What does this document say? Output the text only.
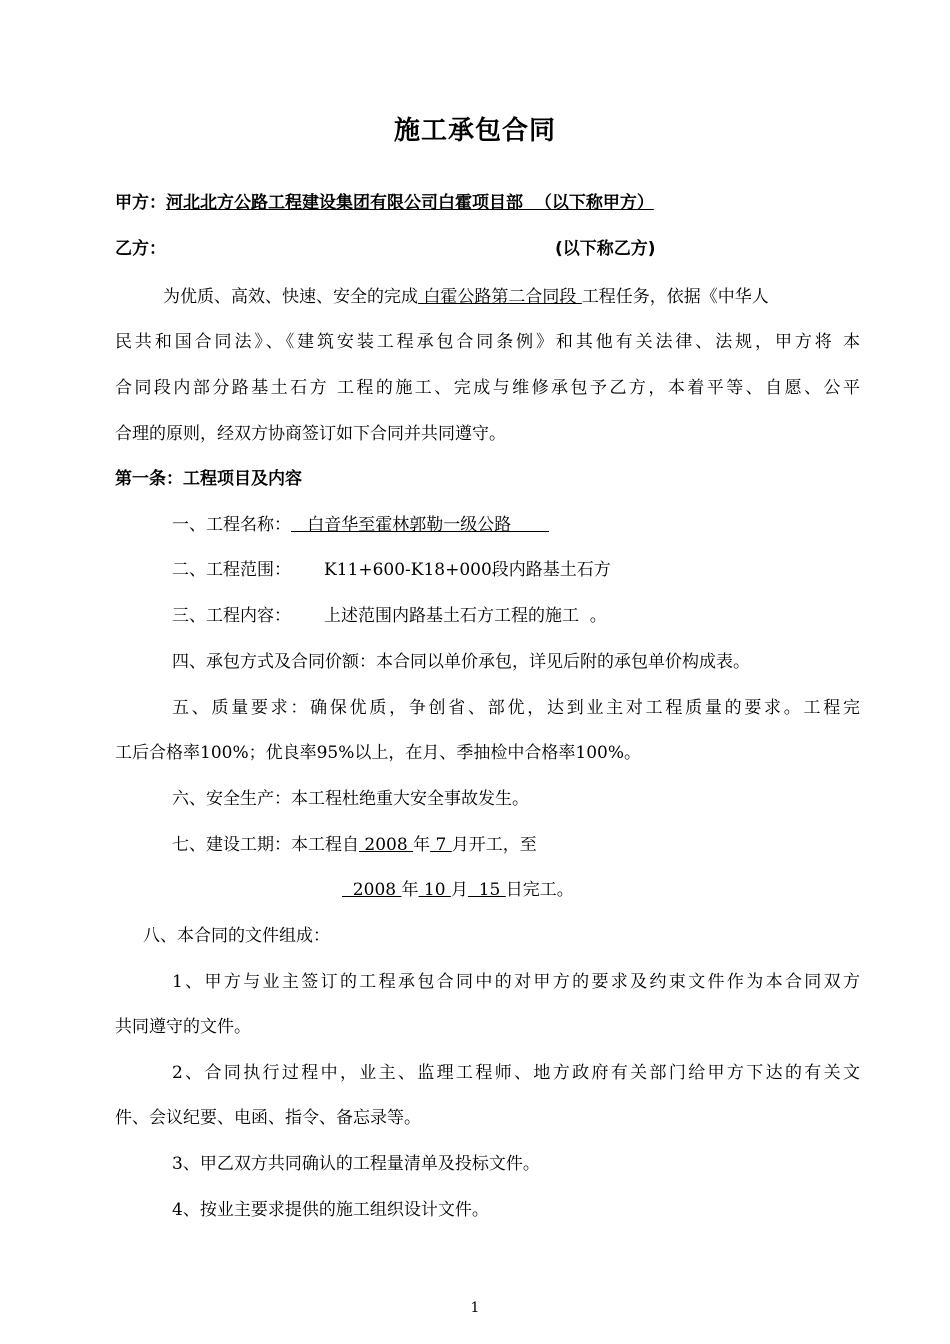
施工承包合同
甲方：河北北方公路工程建设集团有限公司白霍项目部 （以下称甲方）
乙方：	(以下称乙方)
为优质、高效、快速、安全的完成 白霍公路第二合同段 工程任务，依据《中华人
民共和国合同法》、《建筑安装工程承包合同条例》和其他有关法律、法规，甲方将 本
合同段内部分路基土石方 工程的施工、完成与维修承包予乙方，本着平等、自愿、公平
合理的原则，经双方协商签订如下合同并共同遵守。
第一条：工程项目及内容
一、工程名称：   白音华至霍林郭勒一级公路
二、工程范围： K11+600-K18+000段内路基土石方
三、工程内容： 上述范围内路基土石方工程的施工  。
四、承包方式及合同价额：本合同以单价承包，详见后附的承包单价构成表。
五、质量要求：确保优质，争创省、部优，达到业主对工程质量的要求。工程完
工后合格率100%；优良率95%以上，在月、季抽检中合格率100%。
六、安全生产：本工程杜绝重大安全事故发生。
七、建设工期：本工程自 2008 年 7 月开工，至
2008 年 10 月  15 日完工。
八、本合同的文件组成：
1、甲方与业主签订的工程承包合同中的对甲方的要求及约束文件作为本合同双方
共同遵守的文件。
2、合同执行过程中，业主、监理工程师、地方政府有关部门给甲方下达的有关文
件、会议纪要、电函、指令、备忘录等。
3、甲乙双方共同确认的工程量清单及投标文件。
4、按业主要求提供的施工组织设计文件。
1
